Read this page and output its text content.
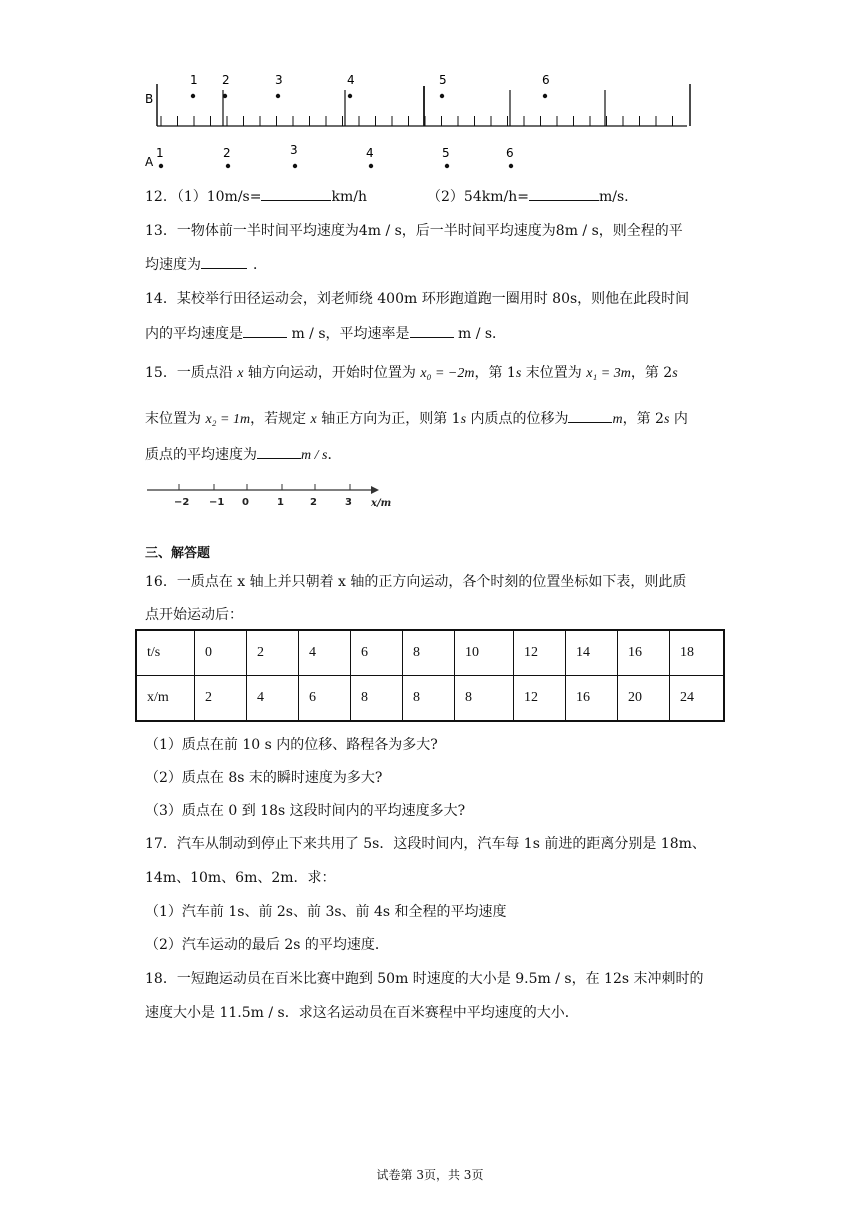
B
1 2	3	4	5	6
A
1	2	3	4	5	6
12．（1）10m/s=	km/h	（2）54km/h=	m/s.
13．一物体前一半时间平均速度为4m / s，后一半时间平均速度为8m / s，则全程的平
均速度为	．
14．某校举行田径运动会，刘老师绕 400m 环形跑道跑一圈用时 80s，则他在此段时间
内的平均速度是	m / s，平均速率是	m / s．
15．一质点沿 x 轴方向运动，开始时位置为 x₀ = −2m，第 1s 末位置为 x₁ = 3m，第 2s
末位置为 x₂ = 1m，若规定 x 轴正方向为正，则第 1s 内质点的位移为	m，第 2s 内
质点的平均速度为	m / s．
−2 −1 0	1	2	3 x/m
三、解答题
16．一质点在 x 轴上并只朝着 x 轴的正方向运动，各个时刻的位置坐标如下表，则此质
点开始运动后：
t/s	0	2	4	6	8	10	12	14	16	18
x/m	2	4	6	8	8	8	12	16	20	24
（1）质点在前 10 s 内的位移、路程各为多大?
（2）质点在 8s 末的瞬时速度为多大?
（3）质点在 0 到 18s 这段时间内的平均速度多大?
17．汽车从制动到停止下来共用了 5s．这段时间内，汽车每 1s 前进的距离分别是 18m、
14m、10m、6m、2m．求：
（1）汽车前 1s、前 2s、前 3s、前 4s 和全程的平均速度
（2）汽车运动的最后 2s 的平均速度．
18．一短跑运动员在百米比赛中跑到 50m 时速度的大小是 9.5m / s，在 12s 末冲刺时的
速度大小是 11.5m / s．求这名运动员在百米赛程中平均速度的大小．
试卷第 3页，共 3页
